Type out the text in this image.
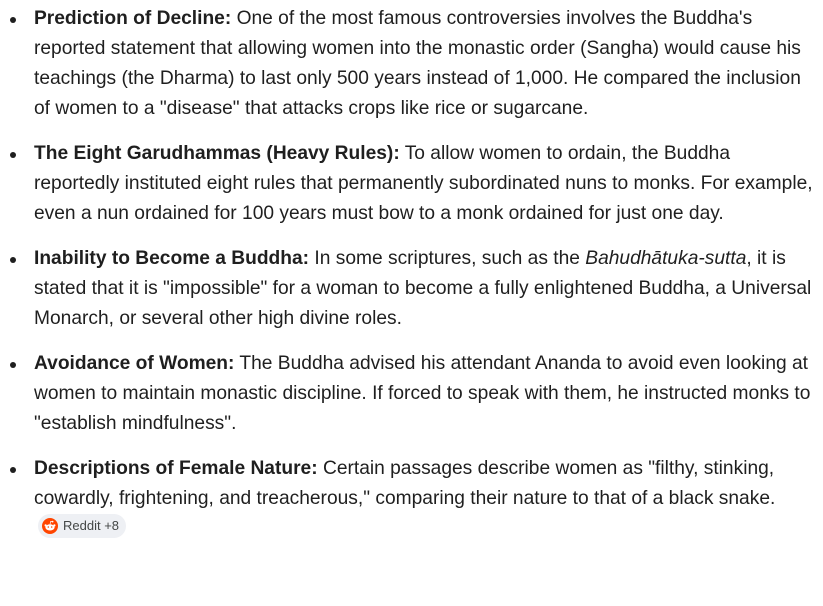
Prediction of Decline: One of the most famous controversies involves the Buddha's reported statement that allowing women into the monastic order (Sangha) would cause his teachings (the Dharma) to last only 500 years instead of 1,000. He compared the inclusion of women to a "disease" that attacks crops like rice or sugarcane.
The Eight Garudhammas (Heavy Rules): To allow women to ordain, the Buddha reportedly instituted eight rules that permanently subordinated nuns to monks. For example, even a nun ordained for 100 years must bow to a monk ordained for just one day.
Inability to Become a Buddha: In some scriptures, such as the Bahudhātuka-sutta, it is stated that it is "impossible" for a woman to become a fully enlightened Buddha, a Universal Monarch, or several other high divine roles.
Avoidance of Women: The Buddha advised his attendant Ananda to avoid even looking at women to maintain monastic discipline. If forced to speak with them, he instructed monks to "establish mindfulness".
Descriptions of Female Nature: Certain passages describe women as "filthy, stinking, cowardly, frightening, and treacherous," comparing their nature to that of a black snake.
Reddit +8
